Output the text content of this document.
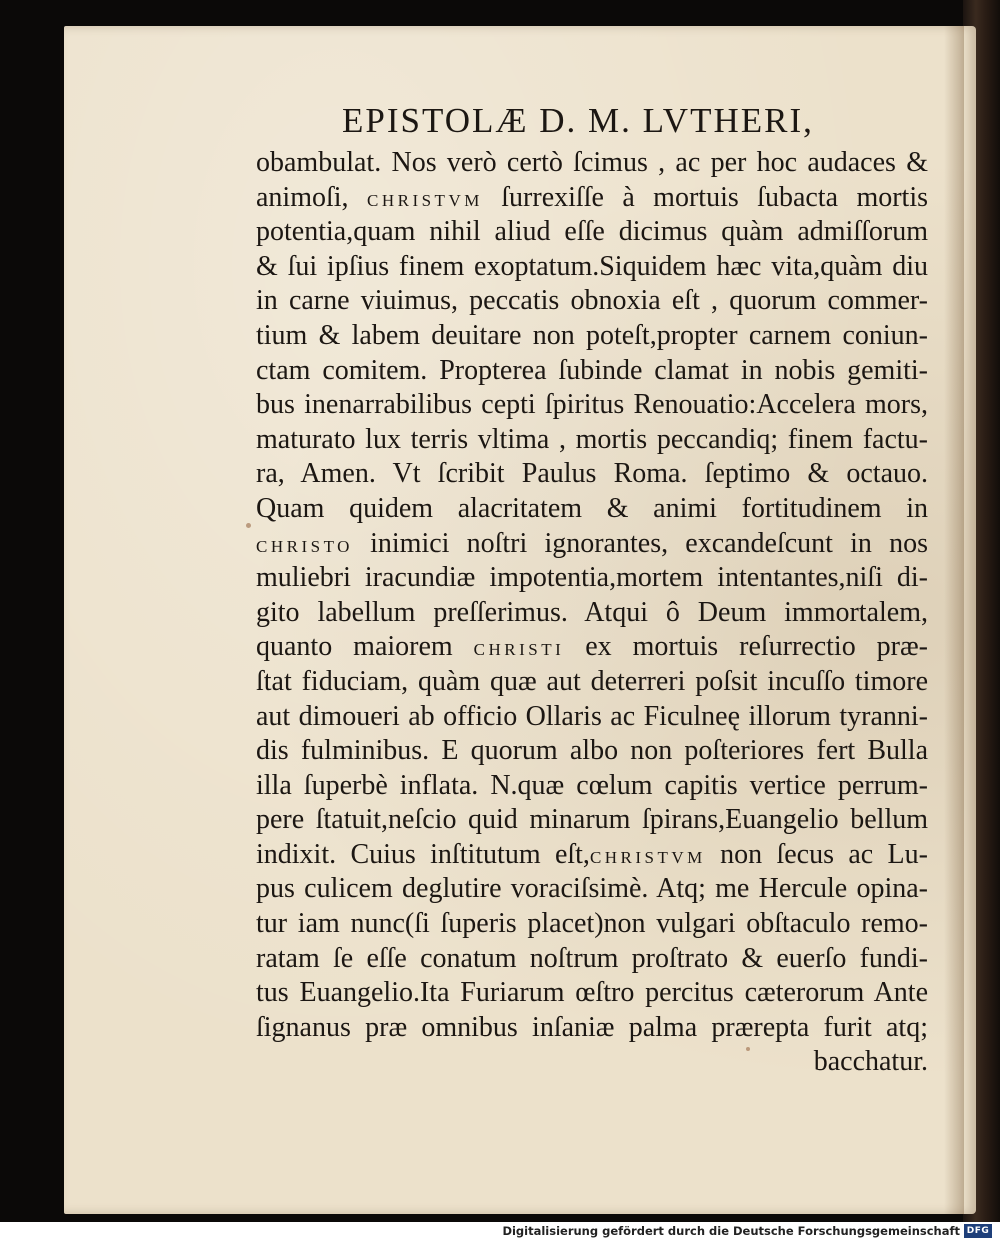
EPISTOLÆ D. M. LVTHERI,
obambulat. Nos verò certò ſcimus , ac per hoc audaces &
animoſi, CHRISTVM ſurrexiſſe à mortuis ſubacta mortis
potentia,quam nihil aliud eſſe dicimus quàm admiſſorum
& ſui ipſius finem exoptatum.Siquidem hæc vita,quàm diu
in carne viuimus, peccatis obnoxia eſt , quorum commer-
tium & labem deuitare non poteſt,propter carnem coniun-
ctam comitem. Propterea ſubinde clamat in nobis gemiti-
bus inenarrabilibus cepti ſpiritus Renouatio:Accelera mors,
maturato lux terris vltima , mortis peccandiq; finem factu-
ra, Amen. Vt ſcribit Paulus Roma. ſeptimo & octauo.
Quam quidem alacritatem & animi fortitudinem in
CHRISTO inimici noſtri ignorantes, excandeſcunt in nos
muliebri iracundiæ impotentia,mortem intentantes,niſi di-
gito labellum preſſerimus. Atqui ô Deum immortalem,
quanto maiorem CHRISTI ex mortuis reſurrectio præ-
ſtat fiduciam, quàm quæ aut deterreri poſsit incuſſo timore
aut dimoueri ab officio Ollaris ac Ficulneę illorum tyranni-
dis fulminibus. E quorum albo non poſteriores fert Bulla
illa ſuperbè inflata. N.quæ cœlum capitis vertice perrum-
pere ſtatuit,neſcio quid minarum ſpirans,Euangelio bellum
indixit. Cuius inſtitutum eſt,CHRISTVM non ſecus ac Lu-
pus culicem deglutire voraciſsimè. Atq; me Hercule opina-
tur iam nunc(ſi ſuperis placet)non vulgari obſtaculo remo-
ratam ſe eſſe conatum noſtrum proſtrato & euerſo fundi-
tus Euangelio.Ita Furiarum œſtro percitus cæterorum Ante
ſignanus præ omnibus inſaniæ palma prærepta furit atq;
bacchatur.
Digitalisierung gefördert durch die Deutsche Forschungsgemeinschaft DFG
